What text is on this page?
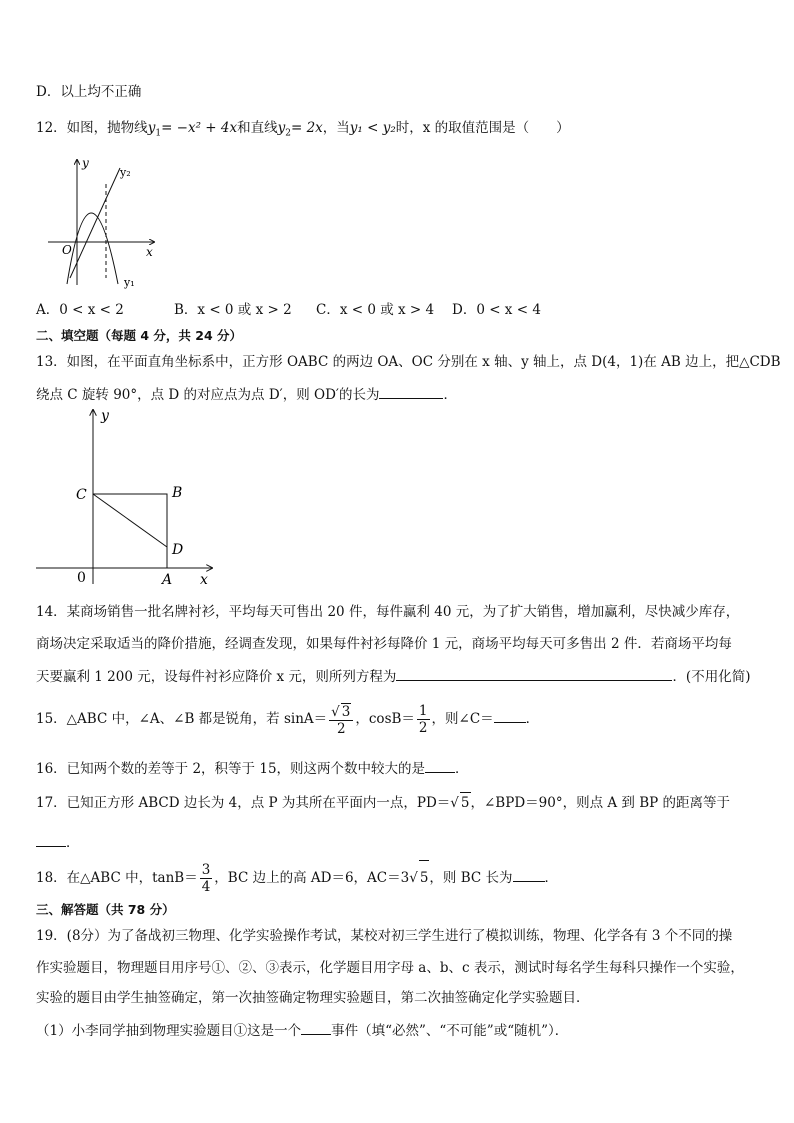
D．以上均不正确
12．如图，抛物线$y_1= -x^2 + 4x$和直线$y_2= 2x$，当y₁ < y₂时，x 的取值范围是（　　）
y
x
O
y₂
y₁
A．0 < x < 2	B．x < 0 或 x > 2 C．x < 0 或 x > 4 D．0 < x < 4
二、填空题（每题 4 分，共 24 分）
13．如图，在平面直角坐标系中，正方形 OABC 的两边 OA、OC 分别在 x 轴、y 轴上，点 D(4，1)在 AB 边上，把△CDB
绕点 C 旋转 90°，点 D 的对应点为点 D′，则 OD′的长为	．
y
x
0	A
B
C
D
14．某商场销售一批名牌衬衫，平均每天可售出 20 件，每件赢利 40 元，为了扩大销售，增加赢利，尽快减少库存，
商场决定采取适当的降价措施，经调查发现，如果每件衬衫每降价 1 元，商场平均每天可多售出 2 件．若商场平均每
天要赢利 1 200 元，设每件衬衫应降价 x 元，则所列方程为	．(不用化简)
15．△ABC 中，∠A、∠B 都是锐角，若 $\sin A= \frac{√ 3}{2}$ ，$\cos B= \frac{1}{2}$ ，则∠C＝ ．
16．已知两个数的差等于 2，积等于 15，则这两个数中较大的是 ．
17．已知正方形 ABCD 边长为 4，点 P 为其所在平面内一点，PD＝√ 5，∠BPD＝90°，则点 A 到 BP 的距离等于
．
18．在△ABC 中，$\tan B= \frac{3}{4}$ ，BC 边上的高 AD＝6，AC＝3√ 5，则 BC 长为 ．
三、解答题（共 78 分）
19．(8分）为了备战初三物理、化学实验操作考试，某校对初三学生进行了模拟训练，物理、化学各有 3 个不同的操
作实验题目，物理题目用序号①、②、③表示，化学题目用字母 a、b、c 表示，测试时每名学生每科只操作一个实验，
实验的题目由学生抽签确定，第一次抽签确定物理实验题目，第二次抽签确定化学实验题目．
（1）小李同学抽到物理实验题目①这是一个 事件（填“必然”、“不可能”或“随机”）．
